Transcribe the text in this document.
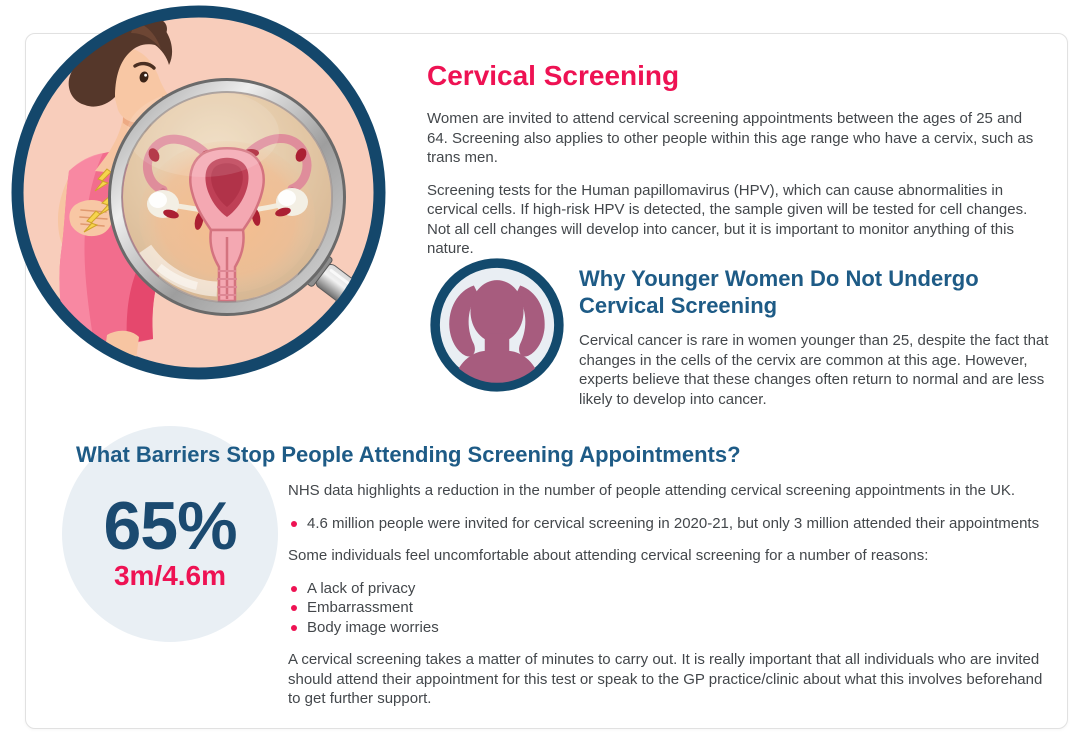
Cervical Screening

Women are invited to attend cervical screening appointments between the ages of 25 and 64. Screening also applies to other people within this age range who have a cervix, such as trans men.

Screening tests for the Human papillomavirus (HPV), which can cause abnormalities in cervical cells. If high-risk HPV is detected, the sample given will be tested for cell changes. Not all cell changes will develop into cancer, but it is important to monitor anything of this nature.

Why Younger Women Do Not Undergo Cervical Screening

Cervical cancer is rare in women younger than 25, despite the fact that changes in the cells of the cervix are common at this age. However, experts believe that these changes often return to normal and are less likely to develop into cancer.

What Barriers Stop People Attending Screening Appointments?
65%
3m/4.6m

NHS data highlights a reduction in the number of people attending cervical screening appointments in the UK.

4.6 million people were invited for cervical screening in 2020-21, but only 3 million attended their appointments

Some individuals feel uncomfortable about attending cervical screening for a number of reasons:

A lack of privacy
Embarrassment
Body image worries

A cervical screening takes a matter of minutes to carry out. It is really important that all individuals who are invited should attend their appointment for this test or speak to the GP practice/clinic about what this involves beforehand to get further support.
